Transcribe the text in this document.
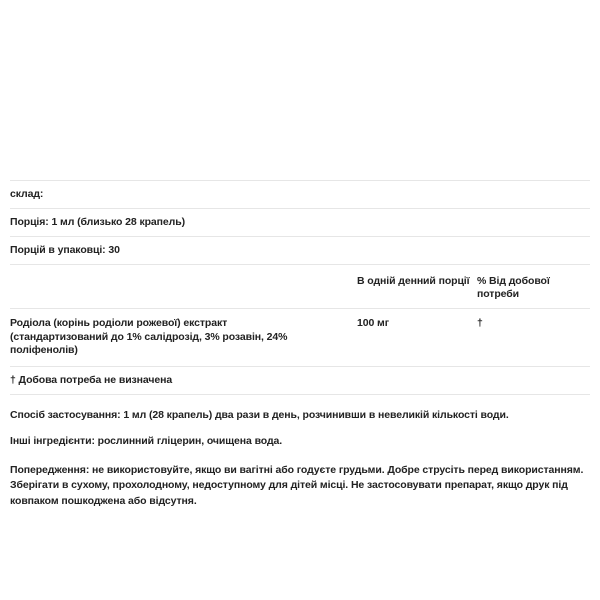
склад:
Порція: 1 мл (близько 28 крапель)
Порцій в упаковці: 30
В одній денний порції % Від добової потреби
Родіола (корінь родіоли рожевої) екстракт
(стандартизований до 1% салідрозід, 3% розавін, 24% поліфенолів)
100 мг	†
† Добова потреба не визначена

Спосіб застосування: 1 мл (28 крапель) два рази в день, розчинивши в невеликій кількості води.

Інші інгредієнти: рослинний гліцерин, очищена вода.

Попередження: не використовуйте, якщо ви вагітні або годуєте грудьми. Добре струсіть перед використанням. Зберігати в сухому, прохолодному, недоступному для дітей місці. Не застосовувати препарат, якщо друк під ковпаком пошкоджена або відсутня.
